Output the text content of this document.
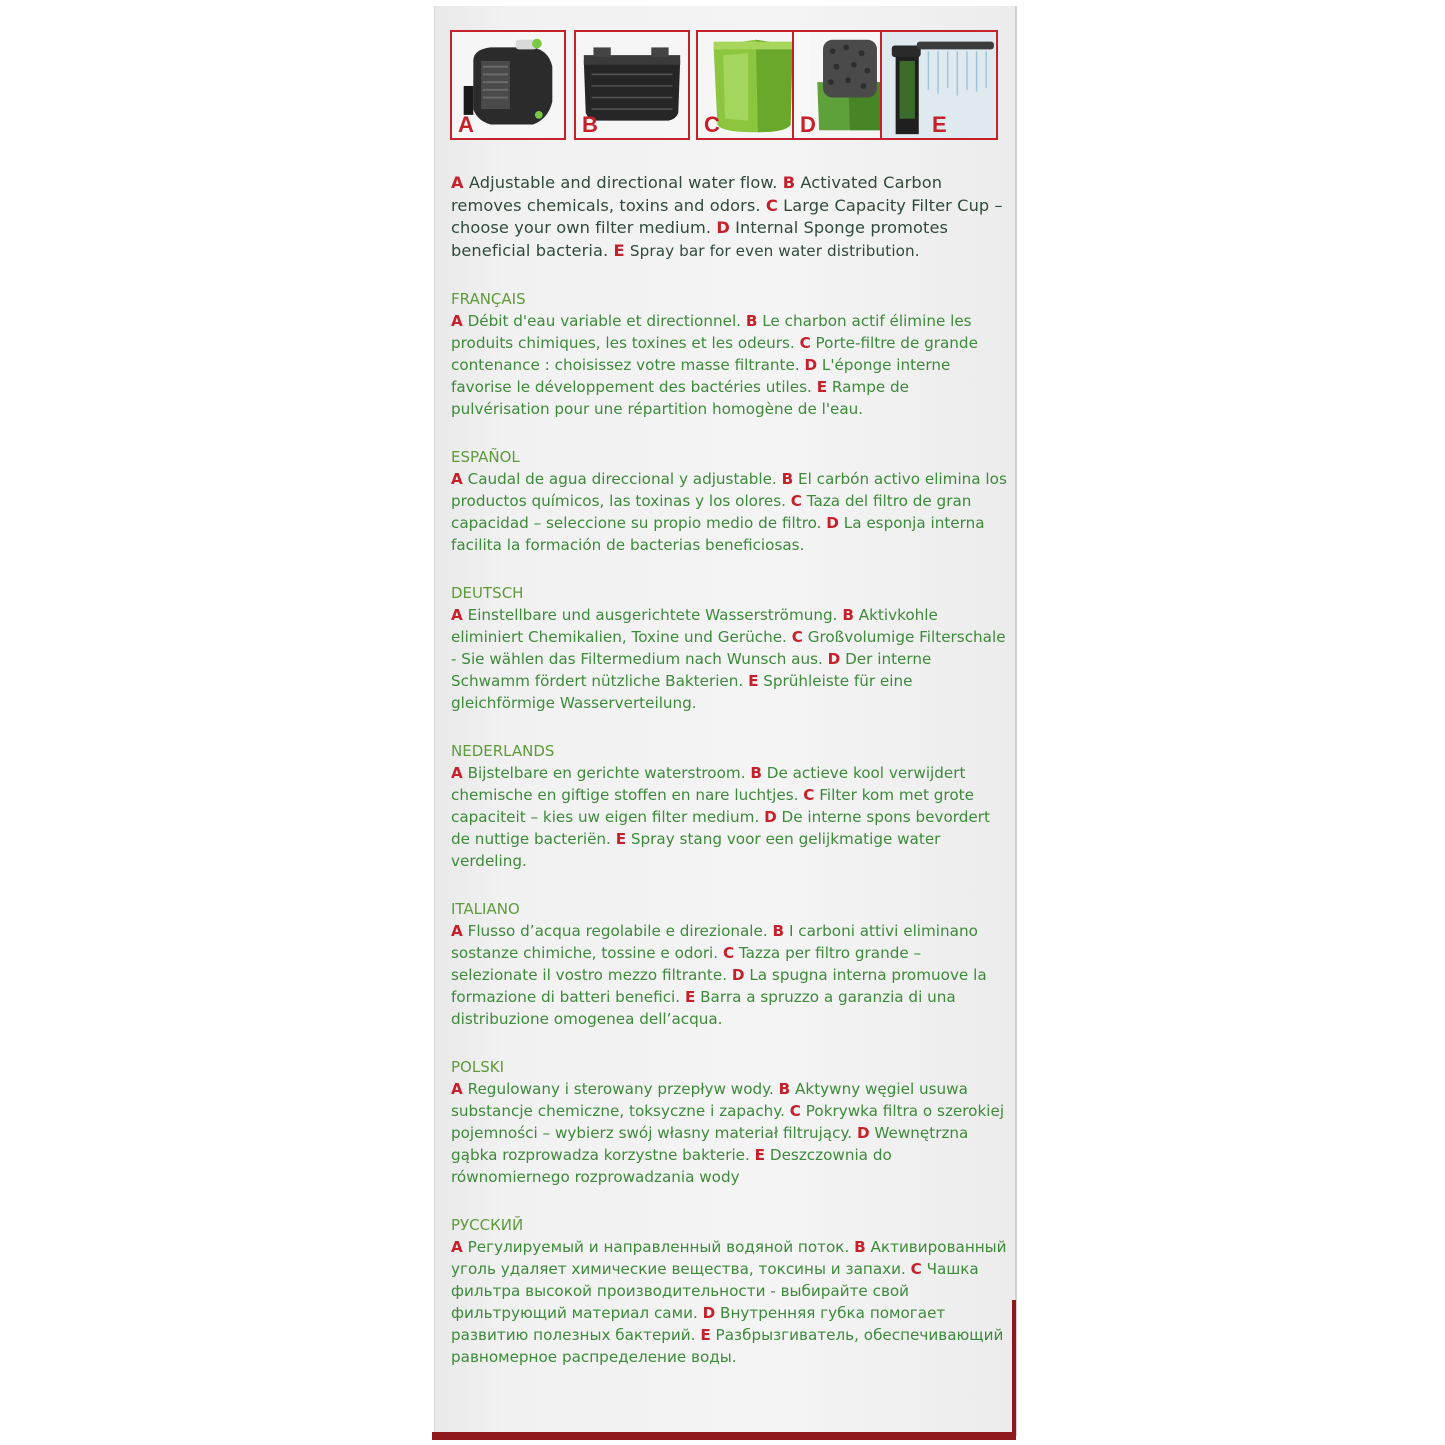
A	B	C	D	E

A Adjustable and directional water flow. B Activated Carbon removes chemicals, toxins and odors. C Large Capacity Filter Cup – choose your own filter medium. D Internal Sponge promotes beneficial bacteria. E Spray bar for even water distribution.

FRANÇAIS

A Débit d'eau variable et directionnel. B Le charbon actif élimine les produits chimiques, les toxines et les odeurs. C Porte-filtre de grande contenance : choisissez votre masse filtrante. D L'éponge interne favorise le développement des bactéries utiles. E Rampe de pulvérisation pour une répartition homogène de l'eau.

ESPAÑOL

A Caudal de agua direccional y adjustable. B El carbón activo elimina los productos químicos, las toxinas y los olores. C Taza del filtro de gran capacidad – seleccione su propio medio de filtro. D La esponja interna facilita la formación de bacterias beneficiosas.

DEUTSCH

A Einstellbare und ausgerichtete Wasserströmung. B Aktivkohle eliminiert Chemikalien, Toxine und Gerüche. C Großvolumige Filterschale - Sie wählen das Filtermedium nach Wunsch aus. D Der interne Schwamm fördert nützliche Bakterien. E Sprühleiste für eine gleichförmige Wasserverteilung.

NEDERLANDS

A Bijstelbare en gerichte waterstroom. B De actieve kool verwijdert chemische en giftige stoffen en nare luchtjes. C Filter kom met grote capaciteit – kies uw eigen filter medium. D De interne spons bevordert de nuttige bacteriën. E Spray stang voor een gelijkmatige water verdeling.

ITALIANO

A Flusso d’acqua regolabile e direzionale. B I carboni attivi eliminano sostanze chimiche, tossine e odori. C Tazza per filtro grande – selezionate il vostro mezzo filtrante. D La spugna interna promuove la formazione di batteri benefici. E Barra a spruzzo a garanzia di una distribuzione omogenea dell’acqua.

POLSKI

A Regulowany i sterowany przepływ wody. B Aktywny węgiel usuwa substancje chemiczne, toksyczne i zapachy. C Pokrywka filtra o szerokiej pojemności – wybierz swój własny materiał filtrujący. D Wewnętrzna gąbka rozprowadza korzystne bakterie. E Deszczownia do równomiernego rozprowadzania wody

РУССКИЙ

A Регулируемый и направленный водяной поток. B Активированный уголь удаляет химические вещества, токсины и запахи. C Чашка фильтра высокой производительности - выбирайте свой фильтрующий материал сами. D Внутренняя губка помогает развитию полезных бактерий. E Разбрызгиватель, обеспечивающий равномерное распределение воды.
